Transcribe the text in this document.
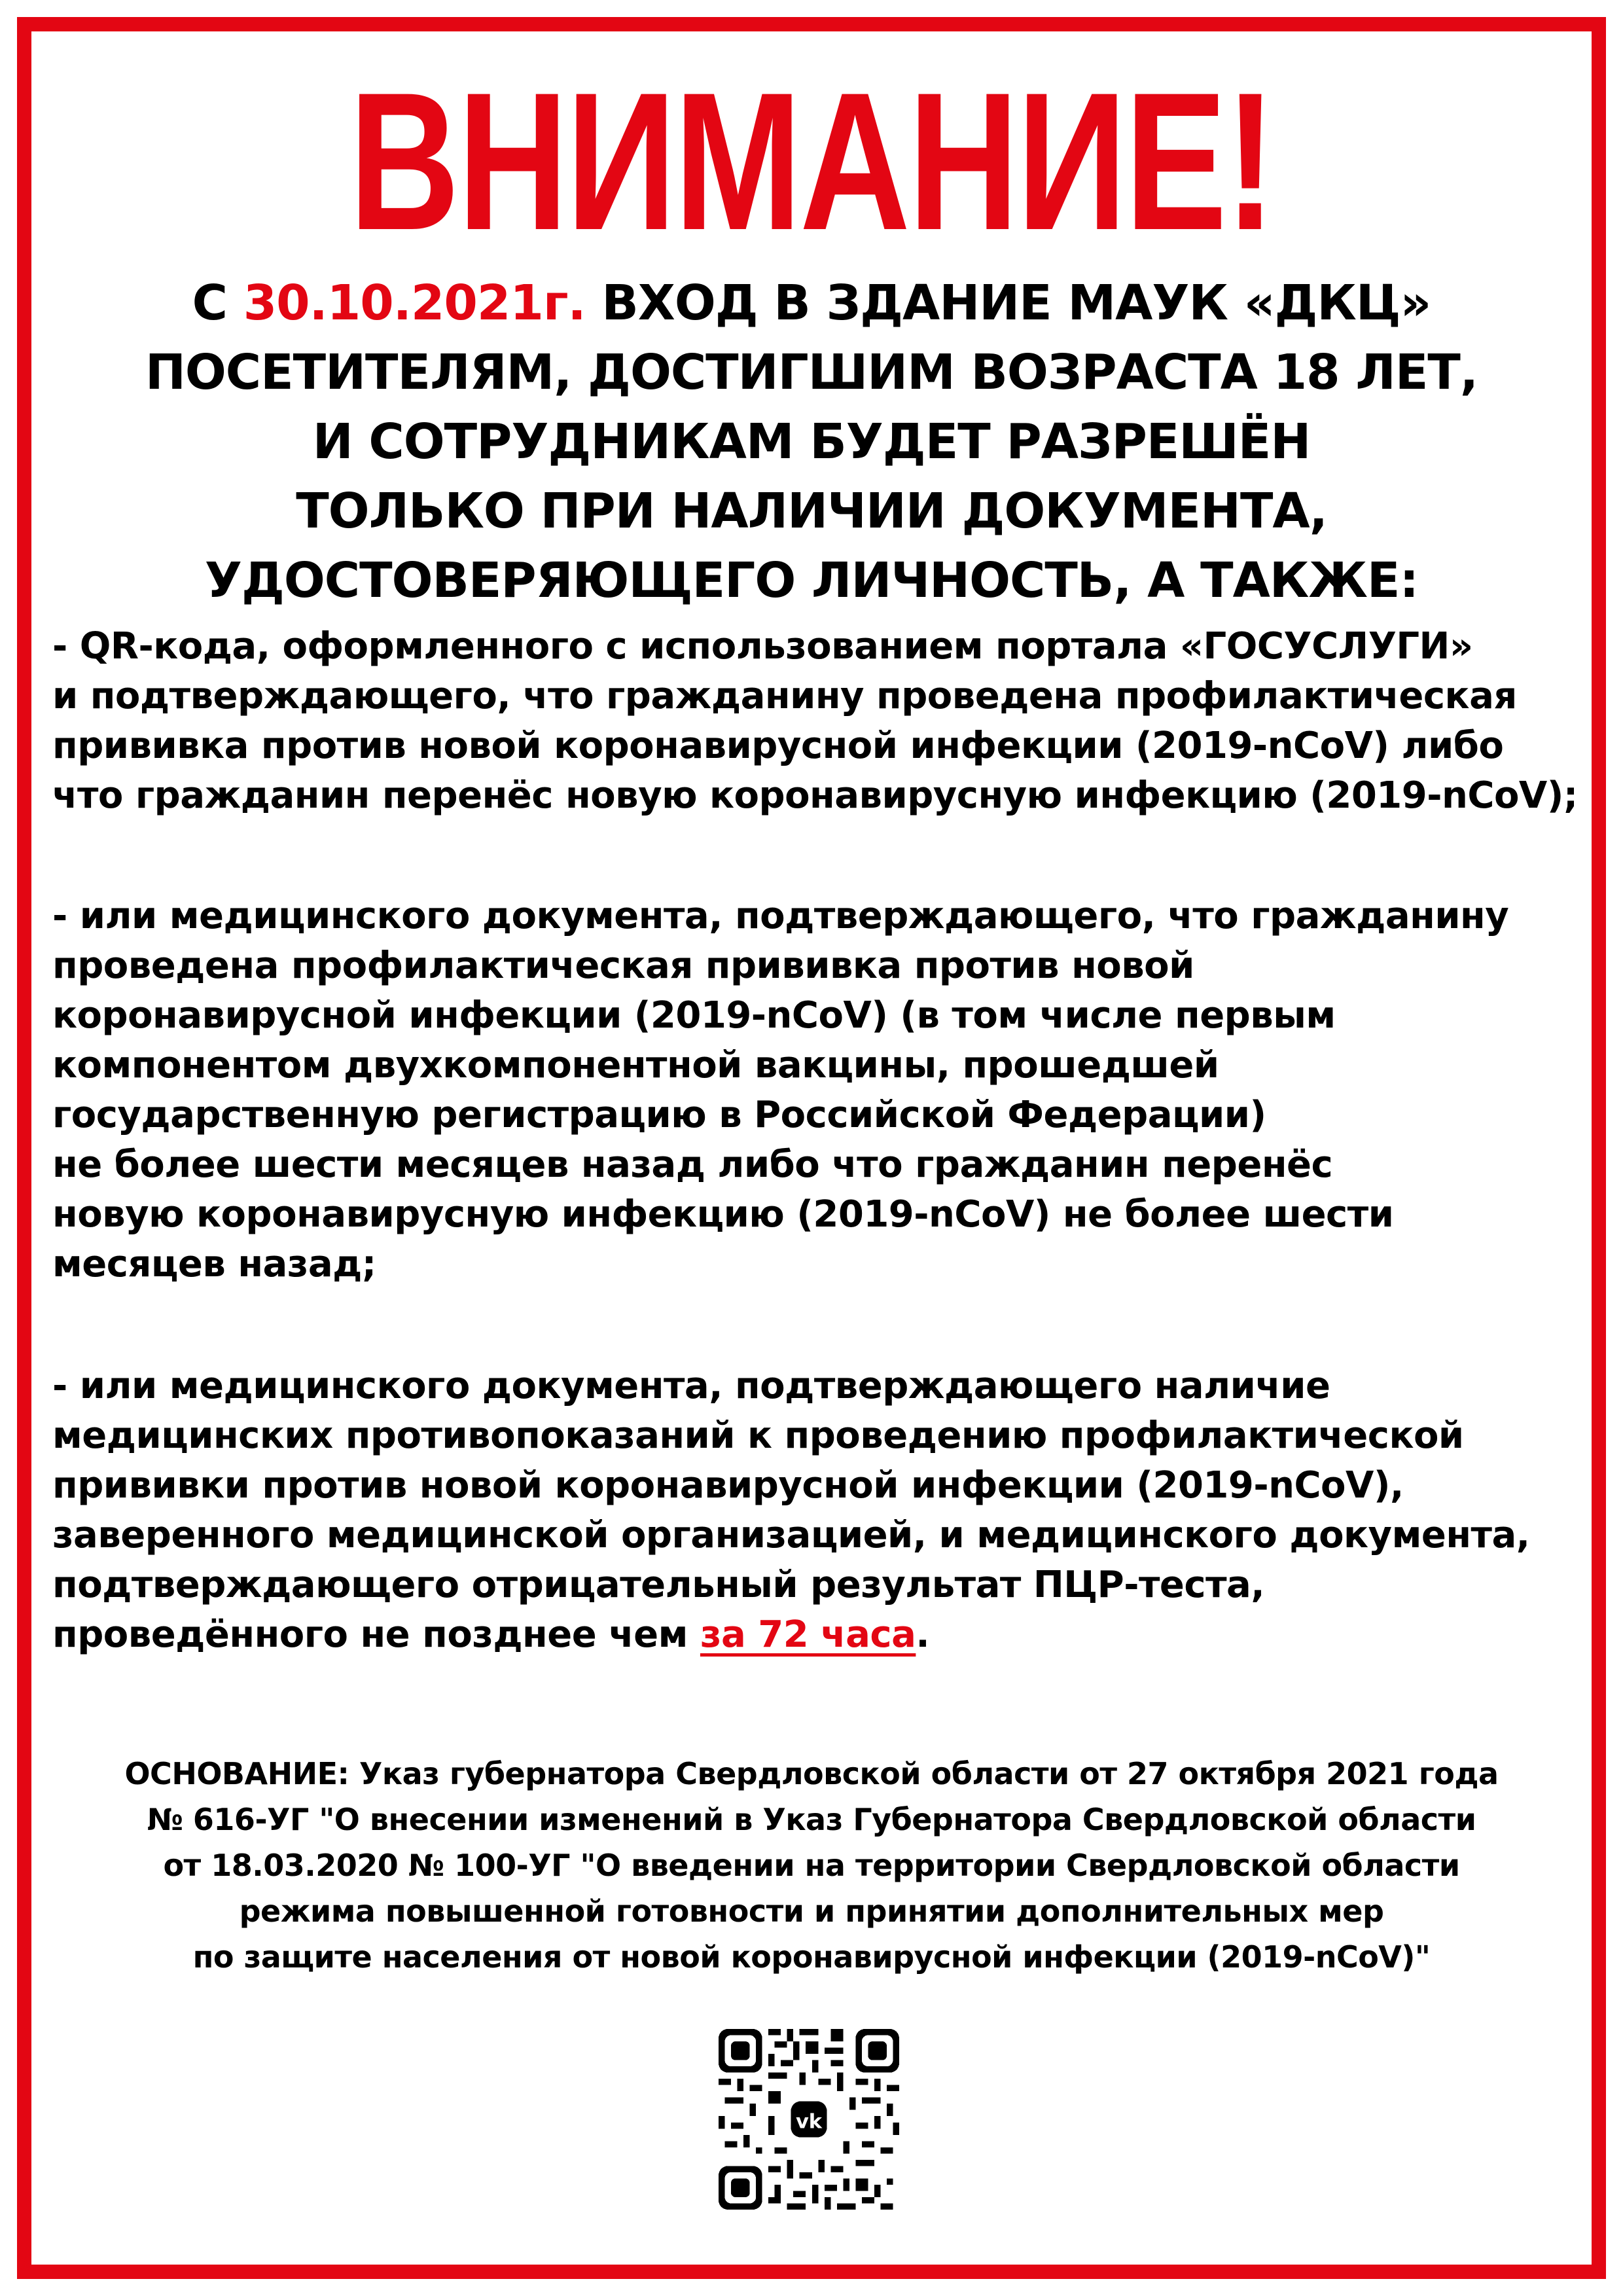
ВНИМАНИЕ!
С 30.10.2021г. ВХОД В ЗДАНИЕ МАУК «ДКЦ»
ПОСЕТИТЕЛЯМ, ДОСТИГШИМ ВОЗРАСТА 18 ЛЕТ,
И СОТРУДНИКАМ БУДЕТ РАЗРЕШЁН
ТОЛЬКО ПРИ НАЛИЧИИ ДОКУМЕНТА,
УДОСТОВЕРЯЮЩЕГО ЛИЧНОСТЬ, А ТАКЖЕ:
- QR-кода, оформленного с использованием портала «ГОСУСЛУГИ»
и подтверждающего, что гражданину проведена профилактическая
прививка против новой коронавирусной инфекции (2019-nCoV) либо
что гражданин перенёс новую коронавирусную инфекцию (2019-nCoV);
- или медицинского документа, подтверждающего, что гражданину
проведена профилактическая прививка против новой
коронавирусной инфекции (2019-nCoV) (в том числе первым
компонентом двухкомпонентной вакцины, прошедшей
государственную регистрацию в Российской Федерации)
не более шести месяцев назад либо что гражданин перенёс
новую коронавирусную инфекцию (2019-nCoV) не более шести
месяцев назад;
- или медицинского документа, подтверждающего наличие
медицинских противопоказаний к проведению профилактической
прививки против новой коронавирусной инфекции (2019-nCoV),
заверенного медицинской организацией, и медицинского документа,
подтверждающего отрицательный результат ПЦР-теста,
проведённого не позднее чем за 72 часа.
ОСНОВАНИЕ: Указ губернатора Свердловской области от 27 октября 2021 года
№ 616-УГ "О внесении изменений в Указ Губернатора Свердловской области
от 18.03.2020 № 100-УГ "О введении на территории Свердловской области
режима повышенной готовности и принятии дополнительных мер
по защите населения от новой коронавирусной инфекции (2019-nCoV)"
vk
